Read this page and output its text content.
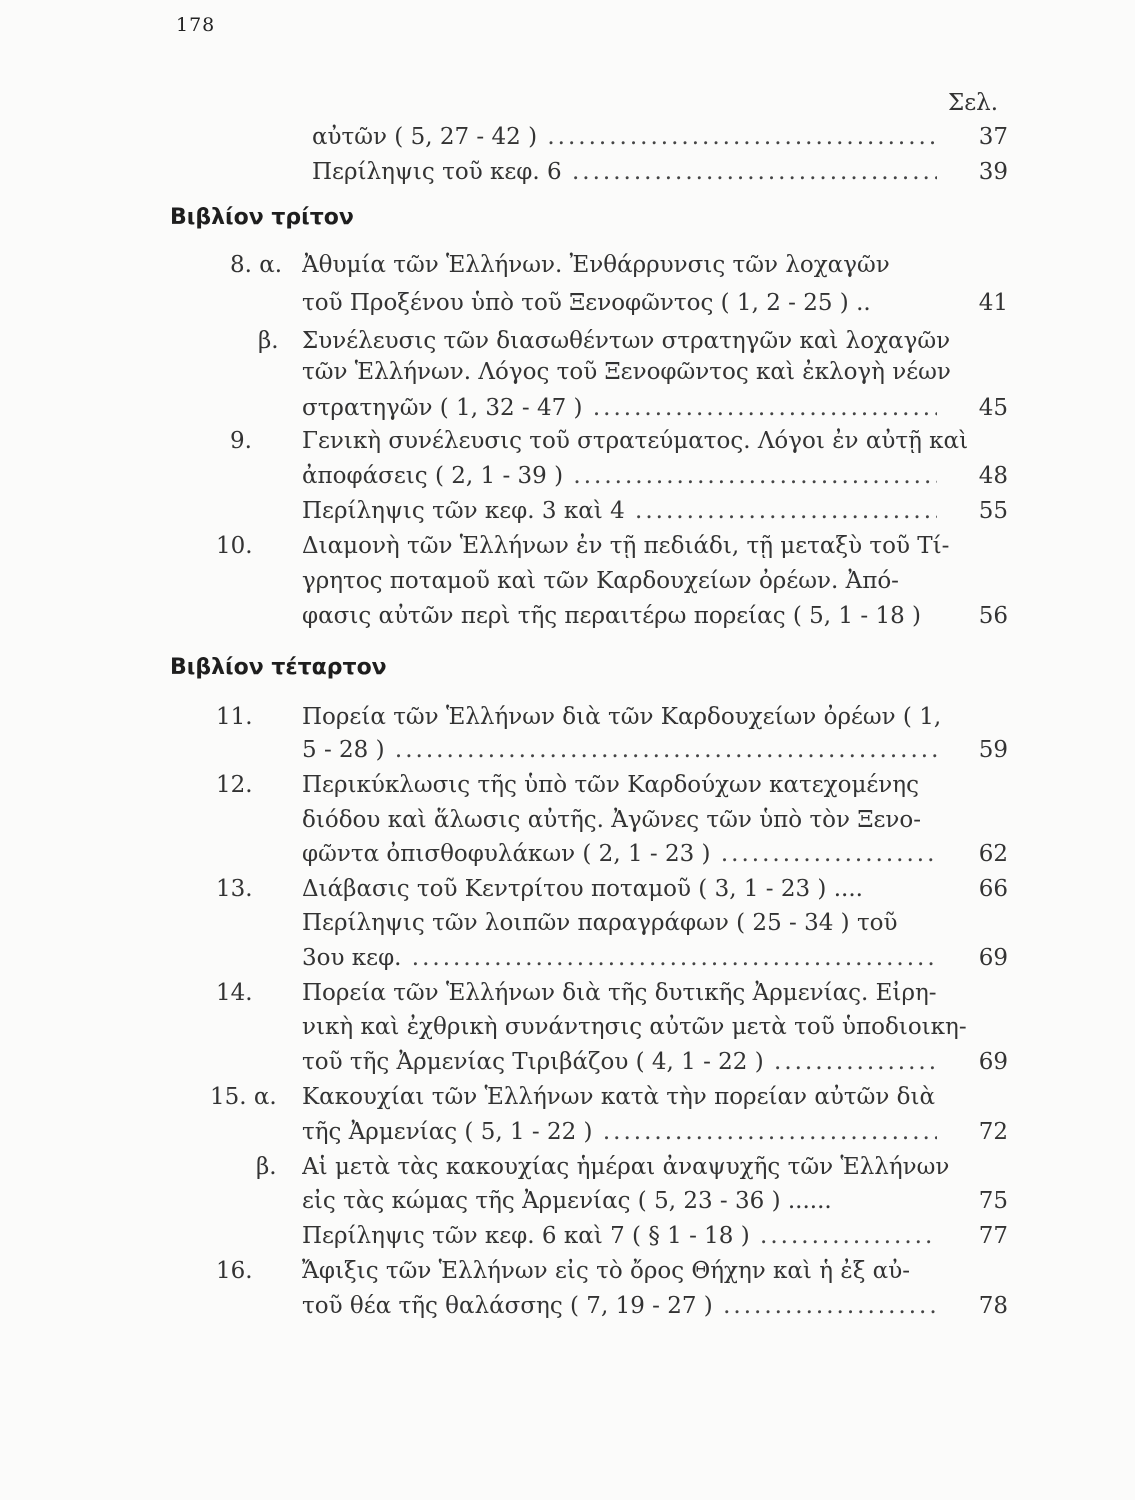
178
Σελ.
αὐτῶν ( 5, 27 - 42 ) .....	37
Περίληψις τοῦ κεφ. 6 .....	39
Βιβλίον τρίτον
8. α. Ἀθυμία τῶν Ἑλλήνων. Ἐνθάρρυνσις τῶν λοχαγῶν
τοῦ Προξένου ὑπὸ τοῦ Ξενοφῶντος ( 1, 2 - 25 ) ..	41
β. Συνέλευσις τῶν διασωθέντων στρατηγῶν καὶ λοχαγῶν
τῶν Ἑλλήνων. Λόγος τοῦ Ξενοφῶντος καὶ ἐκλογὴ νέων
στρατηγῶν ( 1, 32 - 47 ) .....	45
9. Γενικὴ συνέλευσις τοῦ στρατεύματος. Λόγοι ἐν αὐτῇ καὶ
ἀποφάσεις ( 2, 1 - 39 ) .....	48
Περίληψις τῶν κεφ. 3 καὶ 4 .....	55
10. Διαμονὴ τῶν Ἑλλήνων ἐν τῇ πεδιάδι, τῇ μεταξὺ τοῦ Τί-
γρητος ποταμοῦ καὶ τῶν Καρδουχείων ὀρέων. Ἀπό-
φασις αὐτῶν περὶ τῆς περαιτέρω πορείας ( 5, 1 - 18 )	56
Βιβλίον τέταρτον
11. Πορεία τῶν Ἑλλήνων διὰ τῶν Καρδουχείων ὀρέων ( 1,
5 - 28 ) .....	59
12. Περικύκλωσις τῆς ὑπὸ τῶν Καρδούχων κατεχομένης
διόδου καὶ ἅλωσις αὐτῆς. Ἀγῶνες τῶν ὑπὸ τὸν Ξενο-
φῶντα ὀπισθοφυλάκων ( 2, 1 - 23 ) .....	62
13. Διάβασις τοῦ Κεντρίτου ποταμοῦ ( 3, 1 - 23 ) ....	66
Περίληψις τῶν λοιπῶν παραγράφων ( 25 - 34 ) τοῦ
3ου κεφ. .....	69
14. Πορεία τῶν Ἑλλήνων διὰ τῆς δυτικῆς Ἀρμενίας. Εἰρη-
νικὴ καὶ ἐχθρικὴ συνάντησις αὐτῶν μετὰ τοῦ ὑποδιοικη-
τοῦ τῆς Ἀρμενίας Τιριβάζου ( 4, 1 - 22 ) .....	69
15. α. Κακουχίαι τῶν Ἑλλήνων κατὰ τὴν πορείαν αὐτῶν διὰ
τῆς Ἀρμενίας ( 5, 1 - 22 ) .....	72
β. Αἱ μετὰ τὰς κακουχίας ἡμέραι ἀναψυχῆς τῶν Ἑλλήνων
εἰς τὰς κώμας τῆς Ἀρμενίας ( 5, 23 - 36 ) ......	75
Περίληψις τῶν κεφ. 6 καὶ 7 ( § 1 - 18 ) .....	77
16. Ἄφιξις τῶν Ἑλλήνων εἰς τὸ ὄρος Θήχην καὶ ἡ ἐξ αὐ-
τοῦ θέα τῆς θαλάσσης ( 7, 19 - 27 ) .....	78
